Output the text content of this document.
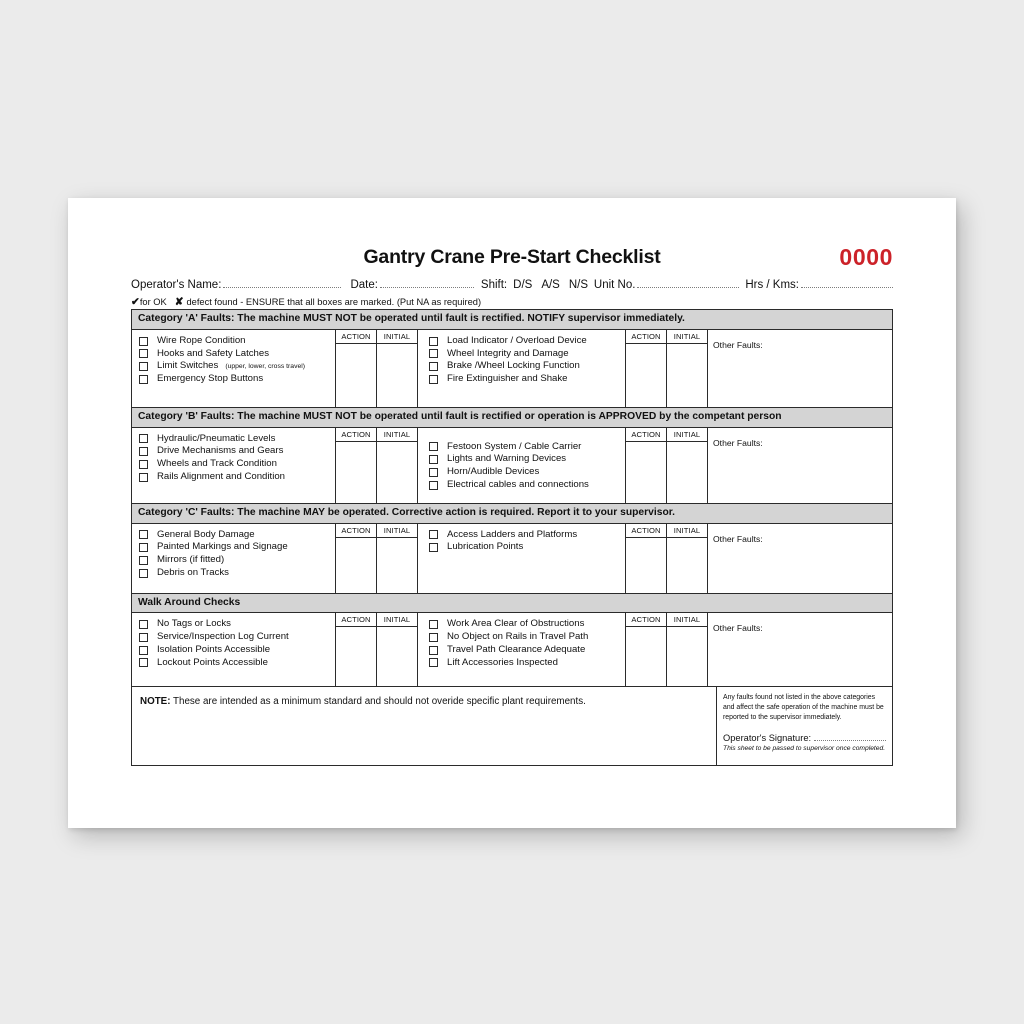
Gantry Crane Pre-Start Checklist	0000
Operator's Name:	Date:	Shift: D/S A/S N/S Unit No.	Hrs / Kms:
✔ for OK ✘ defect found - ENSURE that all boxes are marked. (Put NA as required)
Category 'A' Faults: The machine MUST NOT be operated until fault is rectified. NOTIFY supervisor immediately.
Wire Rope Condition
Hooks and Safety Latches
Limit Switches (upper, lower, cross travel)
Emergency Stop Buttons
ACTION	INITIAL	Load Indicator / Overload Device
Wheel Integrity and Damage
Brake /Wheel Locking Function
Fire Extinguisher and Shake
ACTION	INITIAL
Other Faults:
Category 'B' Faults: The machine MUST NOT be operated until fault is rectified or operation is APPROVED by the competant person
Hydraulic/Pneumatic Levels
Drive Mechanisms and Gears
Wheels and Track Condition
Rails Alignment and Condition
ACTION	INITIAL
Festoon System / Cable Carrier
Lights and Warning Devices
Horn/Audible Devices
Electrical cables and connections
ACTION	INITIAL
Other Faults:
Category 'C' Faults: The machine MAY be operated. Corrective action is required. Report it to your supervisor.
General Body Damage
Painted Markings and Signage
Mirrors (if fitted)
Debris on Tracks
ACTION	INITIAL	Access Ladders and Platforms
Lubrication Points
ACTION	INITIAL
Other Faults:
Walk Around Checks
No Tags or Locks
Service/Inspection Log Current
Isolation Points Accessible
Lockout Points Accessible
ACTION	INITIAL	Work Area Clear of Obstructions
No Object on Rails in Travel Path
Travel Path Clearance Adequate
Lift Accessories Inspected
ACTION	INITIAL
Other Faults:
NOTE: These are intended as a minimum standard and should not overide specific plant requirements.	Any faults found not listed in the above categories and affect the safe operation of the machine must be reported to the supervisor immediately.
Operator's Signature:
This sheet to be passed to supervisor once completed.
